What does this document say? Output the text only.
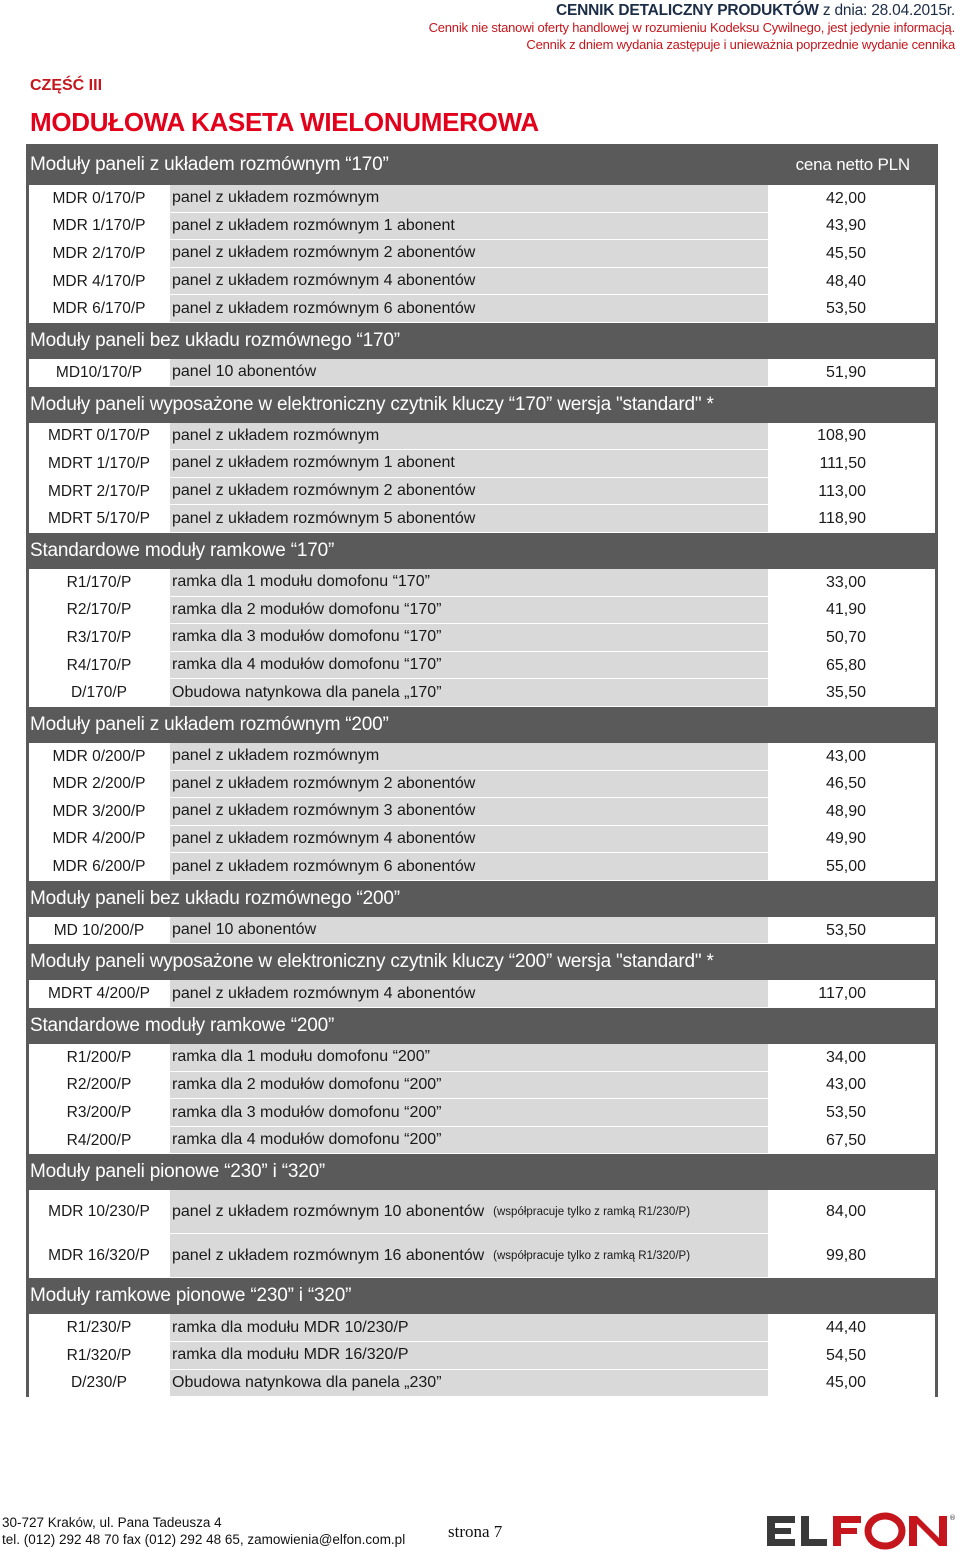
CENNIK DETALICZNY PRODUKTÓW z dnia: 28.04.2015r.
Cennik nie stanowi oferty handlowej w rozumieniu Kodeksu Cywilnego, jest jedynie informacją.
Cennik z dniem wydania zastępuje i unieważnia poprzednie wydanie cennika
CZĘŚĆ III
MODUŁOWA KASETA WIELONUMEROWA
Moduły paneli z układem rozmównym “170”	cena netto PLN
MDR 0/170/P	panel z układem rozmównym	42,00
MDR 1/170/P	panel z układem rozmównym 1 abonent	43,90
MDR 2/170/P	panel z układem rozmównym 2 abonentów	45,50
MDR 4/170/P	panel z układem rozmównym 4 abonentów	48,40
MDR 6/170/P	panel z układem rozmównym 6 abonentów	53,50
Moduły paneli bez układu rozmównego “170”
MD10/170/P	panel 10 abonentów	51,90
Moduły paneli wyposażone w elektroniczny czytnik kluczy “170” wersja "standard" *
MDRT 0/170/P	panel z układem rozmównym	108,90
MDRT 1/170/P	panel z układem rozmównym 1 abonent	111,50
MDRT 2/170/P	panel z układem rozmównym 2 abonentów	113,00
MDRT 5/170/P	panel z układem rozmównym 5 abonentów	118,90
Standardowe moduły ramkowe “170”
R1/170/P	ramka dla 1 modułu domofonu “170”	33,00
R2/170/P	ramka dla 2 modułów domofonu “170”	41,90
R3/170/P	ramka dla 3 modułów domofonu “170”	50,70
R4/170/P	ramka dla 4 modułów domofonu “170”	65,80
D/170/P	Obudowa natynkowa dla panela „170”	35,50
Moduły paneli z układem rozmównym “200”
MDR 0/200/P	panel z układem rozmównym	43,00
MDR 2/200/P	panel z układem rozmównym 2 abonentów	46,50
MDR 3/200/P	panel z układem rozmównym 3 abonentów	48,90
MDR 4/200/P	panel z układem rozmównym 4 abonentów	49,90
MDR 6/200/P	panel z układem rozmównym 6 abonentów	55,00
Moduły paneli bez układu rozmównego “200”
MD 10/200/P	panel 10 abonentów	53,50
Moduły paneli wyposażone w elektroniczny czytnik kluczy “200” wersja "standard" *
MDRT 4/200/P	panel z układem rozmównym 4 abonentów	117,00
Standardowe moduły ramkowe “200”
R1/200/P	ramka dla 1 modułu domofonu “200”	34,00
R2/200/P	ramka dla 2 modułów domofonu “200”	43,00
R3/200/P	ramka dla 3 modułów domofonu “200”	53,50
R4/200/P	ramka dla 4 modułów domofonu “200”	67,50
Moduły paneli pionowe “230” i “320”
MDR 10/230/P	panel z układem rozmównym 10 abonentów (współpracuje tylko z ramką R1/230/P)	84,00
MDR 16/320/P	panel z układem rozmównym 16 abonentów (współpracuje tylko z ramką R1/320/P)	99,80
Moduły ramkowe pionowe “230” i “320”
R1/230/P	ramka dla modułu MDR 10/230/P	44,40
R1/320/P	ramka dla modułu MDR 16/320/P	54,50
D/230/P	Obudowa natynkowa dla panela „230”	45,00
30-727 Kraków, ul. Pana Tadeusza 4
tel. (012) 292 48 70 fax (012) 292 48 65, zamowienia@elfon.com.pl	strona 7
®
